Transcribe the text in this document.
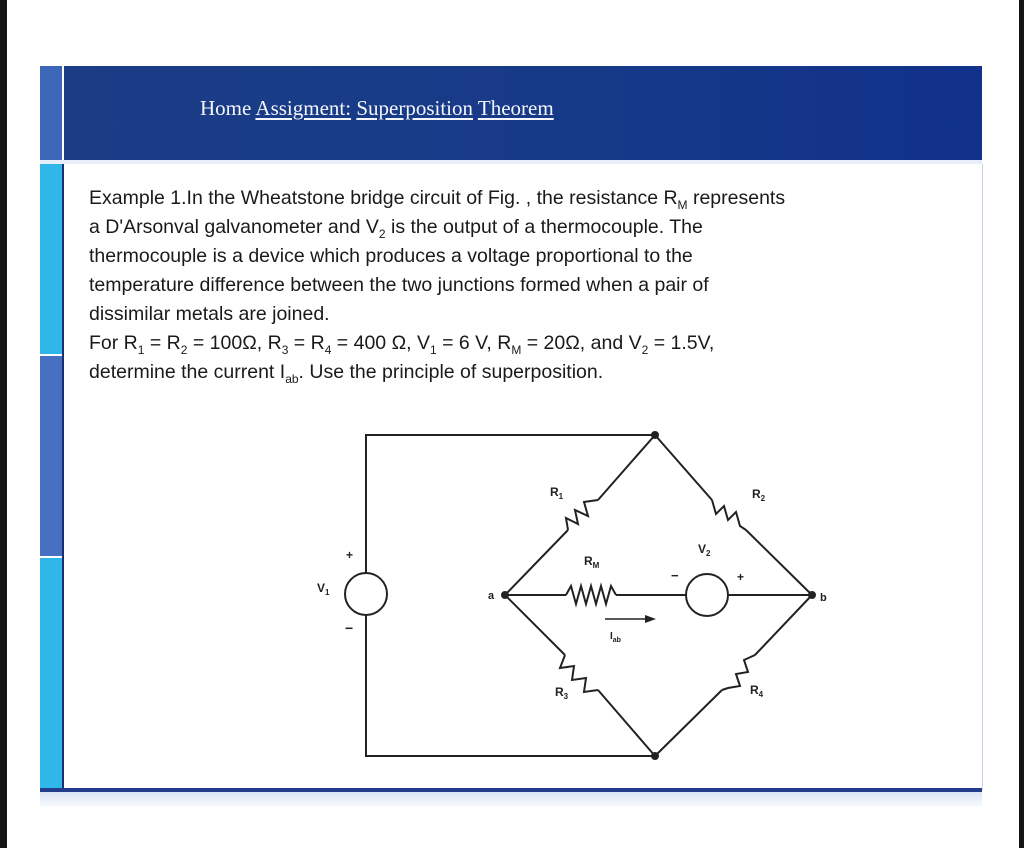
Home Assigment: Superposition Theorem

Example 1.In the Wheatstone bridge circuit of Fig. , the resistance $R_M$ represents

a D'Arsonval galvanometer and $V_2$ is the output of a thermocouple. The

thermocouple is a device which produces a voltage proportional to the

temperature difference between the two junctions formed when a pair of

dissimilar metals are joined.

For $R_1 = R_2 = 100\Omega$, $R_3 = R_4 = 400$ Ω, $V_1 = 6$ V, $R_M = 20\Omega$, and $V_2 = 1.5V$,

determine the current $I_{ab}$. Use the principle of superposition.

$R_1$	$R_2$
$R_3$	$R_4$
$R_M$
$V_1$
$V_2$
$I_{ab}$
a	b
+
−
−	+
